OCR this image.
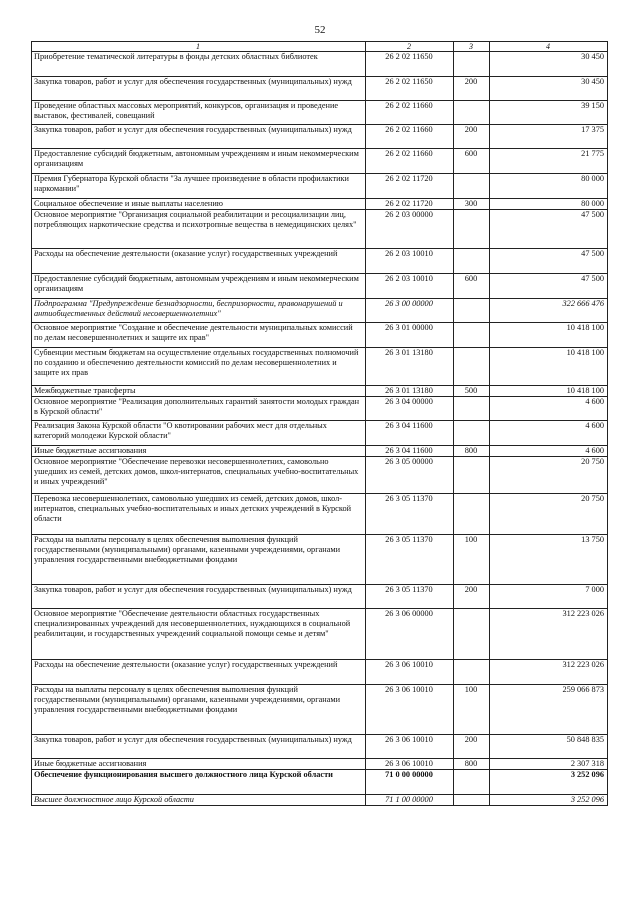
52
1	2	3	4
Приобретение тематической литературы в фонды детских областных библиотек	26 2 02 11650		30 450
Закупка товаров, работ и услуг для обеспечения государственных (муниципальных) нужд	26 2 02 11650	200	30 450
Проведение областных массовых мероприятий, конкурсов, организация и проведение выставок, фестивалей, совещаний	26 2 02 11660		39 150
Закупка товаров, работ и услуг для обеспечения государственных (муниципальных) нужд	26 2 02 11660	200	17 375
Предоставление субсидий бюджетным, автономным учреждениям и иным некоммерческим организациям	26 2 02 11660	600	21 775
Премия Губернатора Курской области "За лучшее произведение в области профилактики наркомании"	26 2 02 11720		80 000
Социальное обеспечение и иные выплаты населению	26 2 02 11720	300	80 000
Основное мероприятие "Организация социальной реабилитации и ресоциализации лиц, потребляющих наркотические средства и психотропные вещества в немедицинских целях"	26 2 03 00000		47 500
Расходы на обеспечение деятельности (оказание услуг) государственных учреждений	26 2 03 10010		47 500
Предоставление субсидий бюджетным, автономным учреждениям и иным некоммерческим организациям	26 2 03 10010	600	47 500
Подпрограмма "Предупреждение безнадзорности, беспризорности, правонарушений и антиобщественных действий несовершеннолетних"	26 3 00 00000		322 666 476
Основное мероприятие "Создание и обеспечение деятельности муниципальных комиссий по делам несовершеннолетних и защите их прав"	26 3 01 00000		10 418 100
Субвенции местным бюджетам на осуществление отдельных государственных полномочий по созданию и обеспечению деятельности комиссий по делам несовершеннолетних и защите их прав	26 3 01 13180		10 418 100
Межбюджетные трансферты	26 3 01 13180	500	10 418 100
Основное мероприятие "Реализация дополнительных гарантий занятости молодых граждан в Курской области"	26 3 04 00000		4 600
Реализация Закона Курской области "О квотировании рабочих мест для отдельных категорий молодежи Курской области"	26 3 04 11600		4 600
Иные бюджетные ассигнования	26 3 04 11600	800	4 600
Основное мероприятие "Обеспечение перевозки несовершеннолетних, самовольно ушедших из семей, детских домов, школ-интернатов, специальных учебно-воспитательных и иных учреждений"	26 3 05 00000		20 750
Перевозка несовершеннолетних, самовольно ушедших из семей, детских домов, школ-интернатов, специальных учебно-воспитательных и иных детских учреждений в Курской области	26 3 05 11370		20 750
Расходы на выплаты персоналу в целях обеспечения выполнения функций государственными (муниципальными) органами, казенными учреждениями, органами управления государственными внебюджетными фондами	26 3 05 11370	100	13 750
Закупка товаров, работ и услуг для обеспечения государственных (муниципальных) нужд	26 3 05 11370	200	7 000
Основное мероприятие "Обеспечение деятельности областных государственных специализированных учреждений для несовершеннолетних, нуждающихся в социальной реабилитации, и государственных учреждений социальной помощи семье и детям"	26 3 06 00000		312 223 026
Расходы на обеспечение деятельности (оказание услуг) государственных учреждений	26 3 06 10010		312 223 026
Расходы на выплаты персоналу в целях обеспечения выполнения функций государственными (муниципальными) органами, казенными учреждениями, органами управления государственными внебюджетными фондами	26 3 06 10010	100	259 066 873
Закупка товаров, работ и услуг для обеспечения государственных (муниципальных) нужд	26 3 06 10010	200	50 848 835
Иные бюджетные ассигнования	26 3 06 10010	800	2 307 318
Обеспечение функционирования высшего должностного лица Курской области	71 0 00 00000		3 252 096
Высшее должностное лицо Курской области	71 1 00 00000		3 252 096
